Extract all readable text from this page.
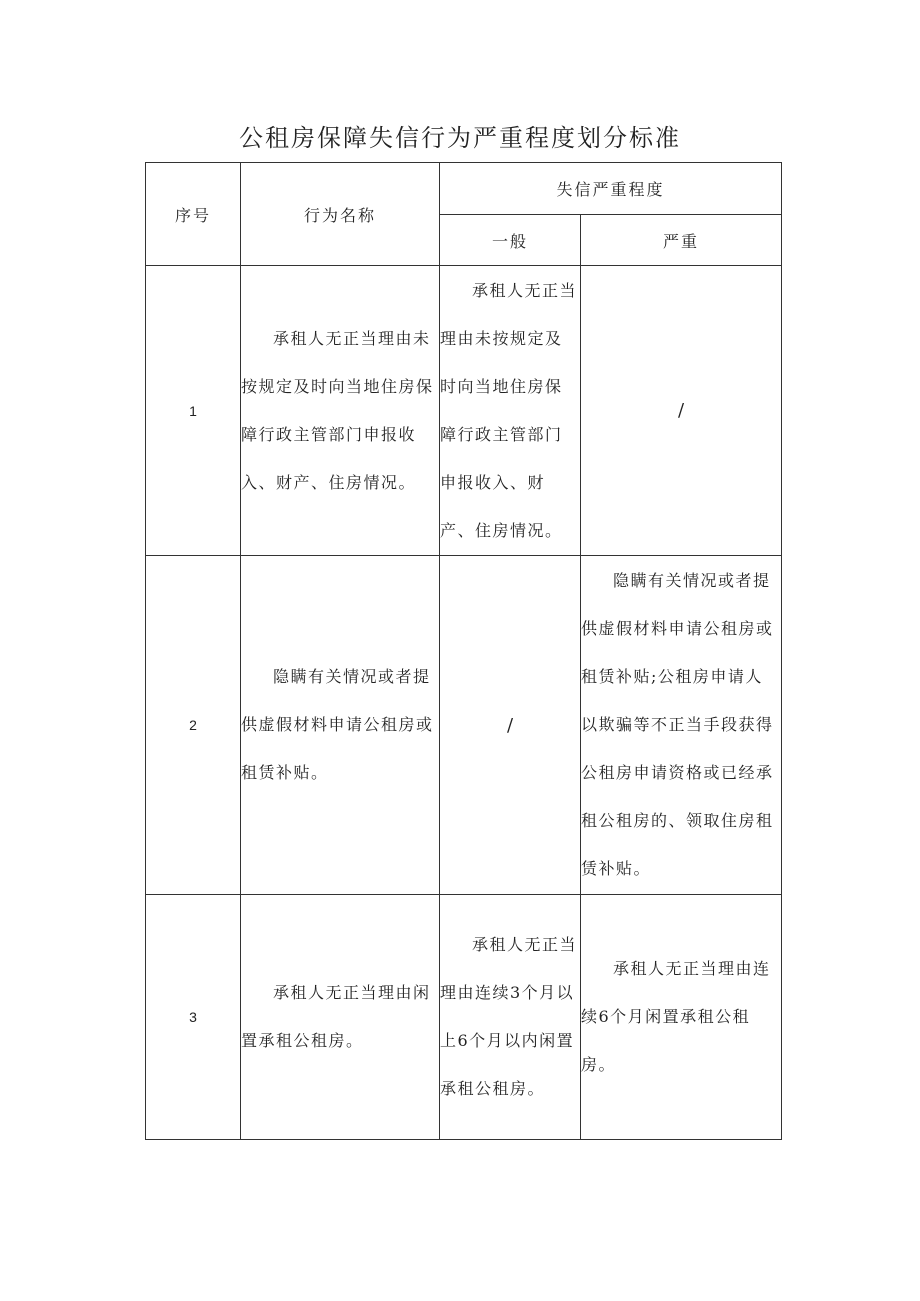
公租房保障失信行为严重程度划分标准
序号	行为名称	失信严重程度	
		一般	严重
1	承租人无正当理由未按规定及时向当地住房保障行政主管部门申报收入、财产、住房情况。	承租人无正当理由未按规定及时向当地住房保障行政主管部门申报收入、财产、住房情况。	/
2	隐瞒有关情况或者提供虚假材料申请公租房或租赁补贴。	/	隐瞒有关情况或者提供虚假材料申请公租房或租赁补贴;公租房申请人以欺骗等不正当手段获得公租房申请资格或已经承租公租房的、领取住房租赁补贴。

3	承租人无正当理由闲置承租公租房。	承租人无正当理由连续3个月以上6个月以内闲置承租公租房。	承租人无正当理由连续6个月闲置承租公租房。
